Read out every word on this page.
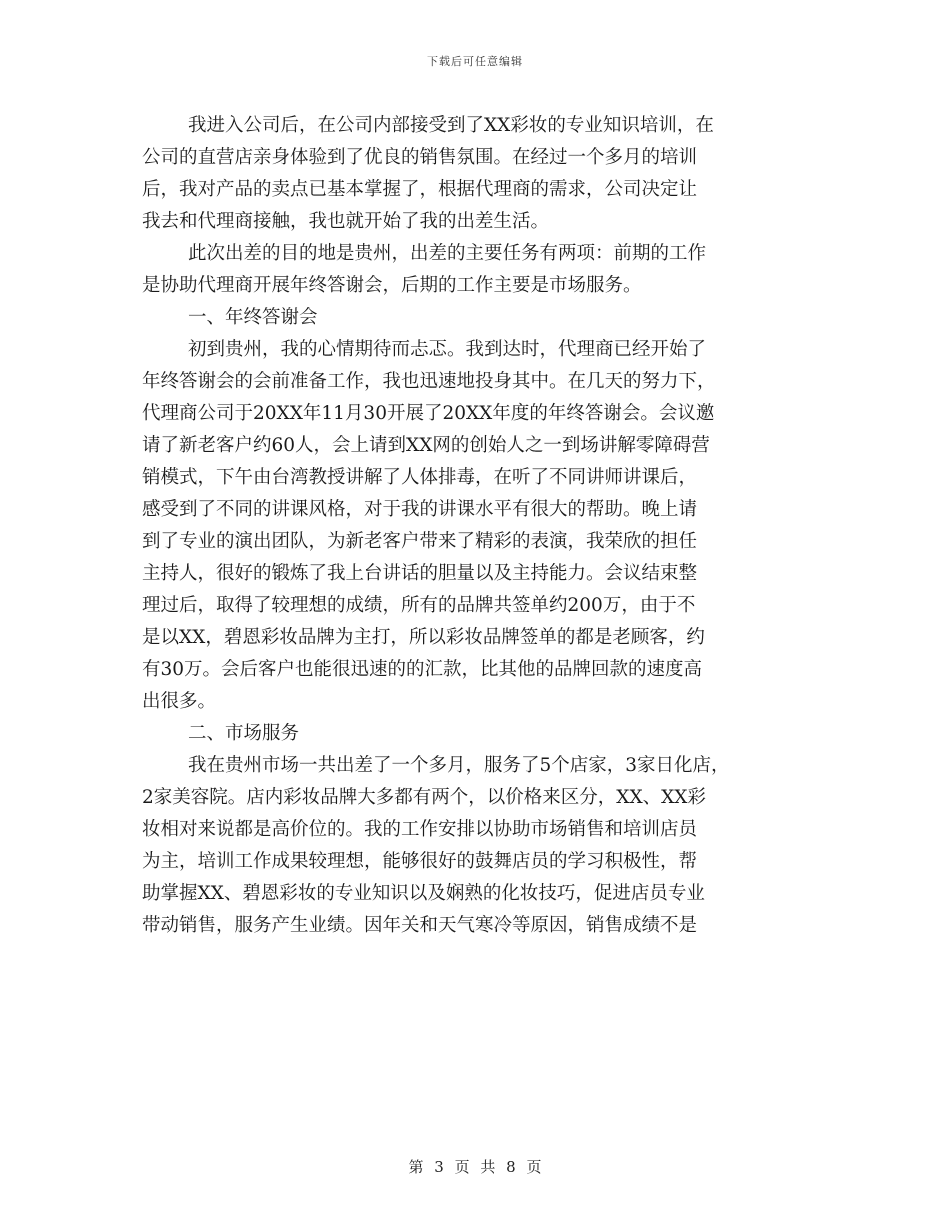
下载后可任意编辑
我进入公司后，在公司内部接受到了XX彩妆的专业知识培训，在
公司的直营店亲身体验到了优良的销售氛围。在经过一个多月的培训
后，我对产品的卖点已基本掌握了，根据代理商的需求，公司决定让
我去和代理商接触，我也就开始了我的出差生活。
此次出差的目的地是贵州，出差的主要任务有两项：前期的工作
是协助代理商开展年终答谢会，后期的工作主要是市场服务。
一、年终答谢会
初到贵州，我的心情期待而忐忑。我到达时，代理商已经开始了
年终答谢会的会前准备工作，我也迅速地投身其中。在几天的努力下，
代理商公司于20XX年11月30开展了20XX年度的年终答谢会。会议邀
请了新老客户约60人，会上请到XX网的创始人之一到场讲解零障碍营
销模式，下午由台湾教授讲解了人体排毒，在听了不同讲师讲课后，
感受到了不同的讲课风格，对于我的讲课水平有很大的帮助。晚上请
到了专业的演出团队，为新老客户带来了精彩的表演，我荣欣的担任
主持人，很好的锻炼了我上台讲话的胆量以及主持能力。会议结束整
理过后，取得了较理想的成绩，所有的品牌共签单约200万，由于不
是以XX，碧恩彩妆品牌为主打，所以彩妆品牌签单的都是老顾客，约
有30万。会后客户也能很迅速的的汇款，比其他的品牌回款的速度高
出很多。
二、市场服务
我在贵州市场一共出差了一个多月，服务了5个店家，3家日化店，
2家美容院。店内彩妆品牌大多都有两个，以价格来区分，XX、XX彩
妆相对来说都是高价位的。我的工作安排以协助市场销售和培训店员
为主，培训工作成果较理想，能够很好的鼓舞店员的学习积极性，帮
助掌握XX、碧恩彩妆的专业知识以及娴熟的化妆技巧，促进店员专业
带动销售，服务产生业绩。因年关和天气寒冷等原因，销售成绩不是
第 3 页 共 8 页
